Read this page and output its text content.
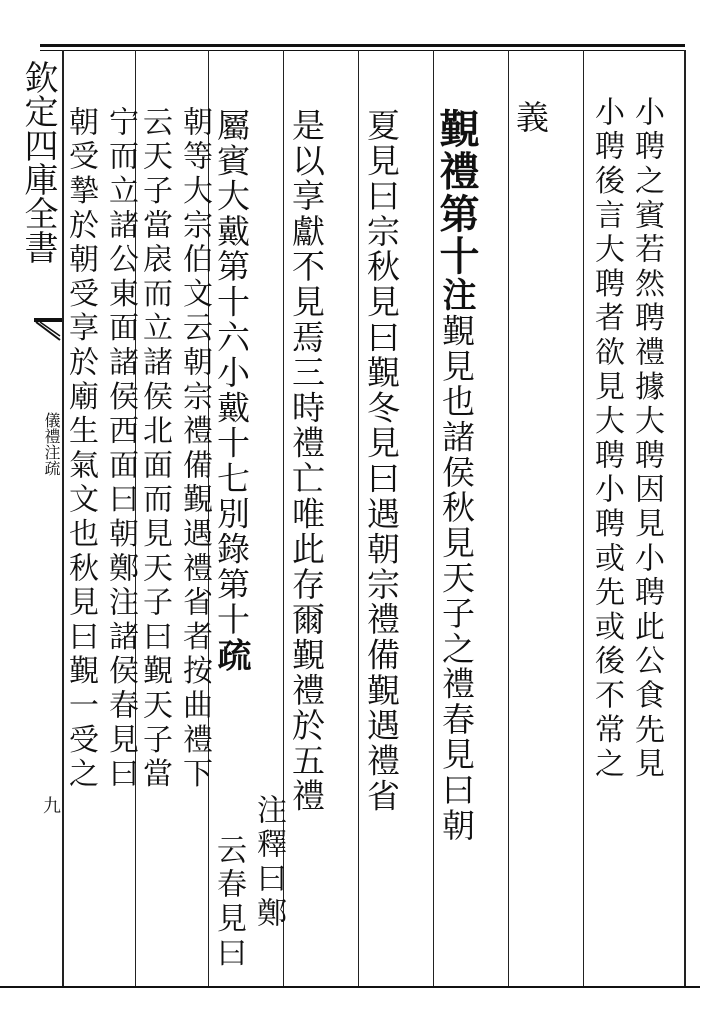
欽定四庫全書
儀禮注疏
九
小聘之賓若然聘禮據大聘因見小聘此公食先見
小聘後言大聘者欲見大聘小聘或先或後不常之
義
覲禮第十注覲見也諸侯秋見天子之禮春見曰朝
夏見曰宗秋見曰覲冬見曰遇朝宗禮備覲遇禮省
是以享獻不見焉三時禮亡唯此存爾覲禮於五禮
屬賓大戴第十六小戴十七別錄第十疏
注釋曰鄭
云春見曰
朝等大宗伯文云朝宗禮備覲遇禮省者按曲禮下
云天子當扆而立諸侯北面而見天子曰覲天子當
宁而立諸公東面諸侯西面曰朝鄭注諸侯春見曰
朝受摯於朝受享於廟生氣文也秋見曰覲一受之
